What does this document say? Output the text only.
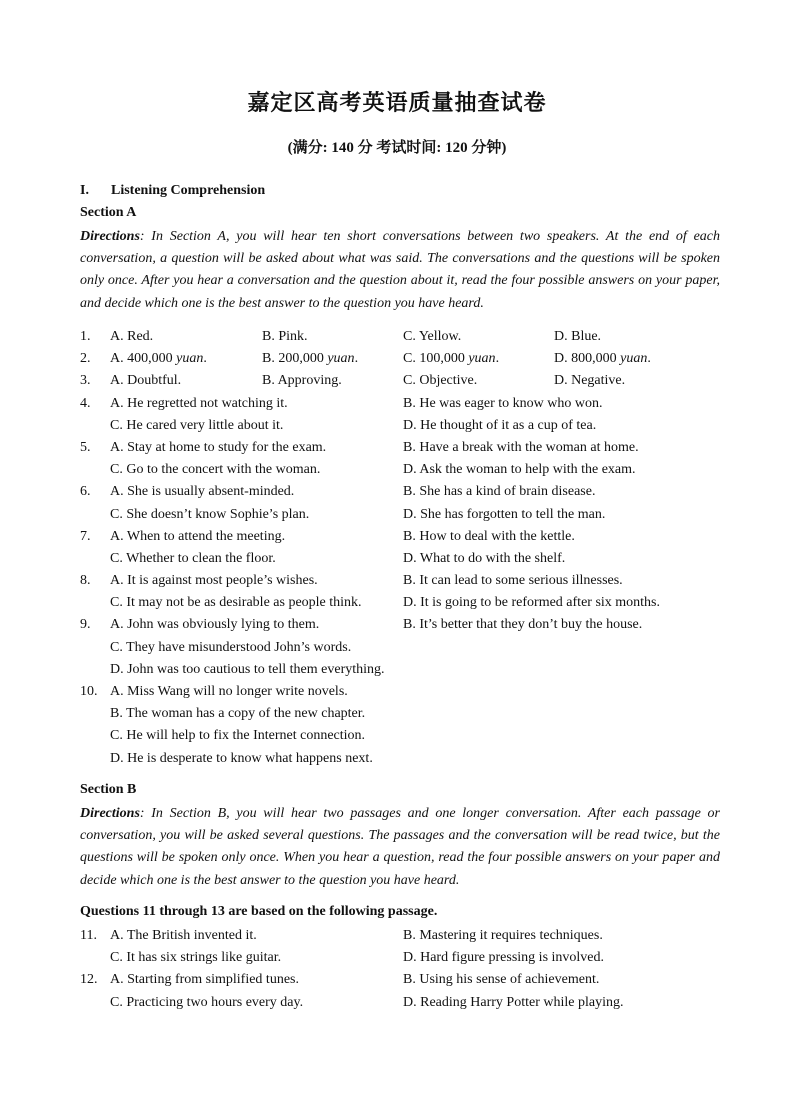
嘉定区高考英语质量抽查试卷
(满分: 140 分 考试时间: 120 分钟)
I. Listening Comprehension
Section A
Directions: In Section A, you will hear ten short conversations between two speakers. At the end of each conversation, a question will be asked about what was said. The conversations and the questions will be spoken only once. After you hear a conversation and the question about it, read the four possible answers on your paper, and decide which one is the best answer to the question you have heard.
1. A. Red.	B. Pink.	C. Yellow.	D. Blue.
2. A. 400,000 yuan.	B. 200,000 yuan.	C. 100,000 yuan.	D. 800,000 yuan.
3. A. Doubtful.	B. Approving.	C. Objective.	D. Negative.
4. A. He regretted not watching it.	B. He was eager to know who won.
C. He cared very little about it.	D. He thought of it as a cup of tea.
5. A. Stay at home to study for the exam.	B. Have a break with the woman at home.
C. Go to the concert with the woman.	D. Ask the woman to help with the exam.
6. A. She is usually absent-minded.	B. She has a kind of brain disease.
C. She doesn’t know Sophie’s plan.	D. She has forgotten to tell the man.
7. A. When to attend the meeting.	B. How to deal with the kettle.
C. Whether to clean the floor.	D. What to do with the shelf.
8. A. It is against most people’s wishes.	B. It can lead to some serious illnesses.
C. It may not be as desirable as people think.	D. It is going to be reformed after six months.
9. A. John was obviously lying to them.	B. It’s better that they don’t buy the house.
C. They have misunderstood John’s words.
D. John was too cautious to tell them everything.
10. A. Miss Wang will no longer write novels.
B. The woman has a copy of the new chapter.
C. He will help to fix the Internet connection.
D. He is desperate to know what happens next.
Section B
Directions: In Section B, you will hear two passages and one longer conversation. After each passage or conversation, you will be asked several questions. The passages and the conversation will be read twice, but the questions will be spoken only once. When you hear a question, read the four possible answers on your paper and decide which one is the best answer to the question you have heard.
Questions 11 through 13 are based on the following passage.
11. A. The British invented it.	B. Mastering it requires techniques.
C. It has six strings like guitar.	D. Hard figure pressing is involved.
12. A. Starting from simplified tunes.	B. Using his sense of achievement.
C. Practicing two hours every day.	D. Reading Harry Potter while playing.
